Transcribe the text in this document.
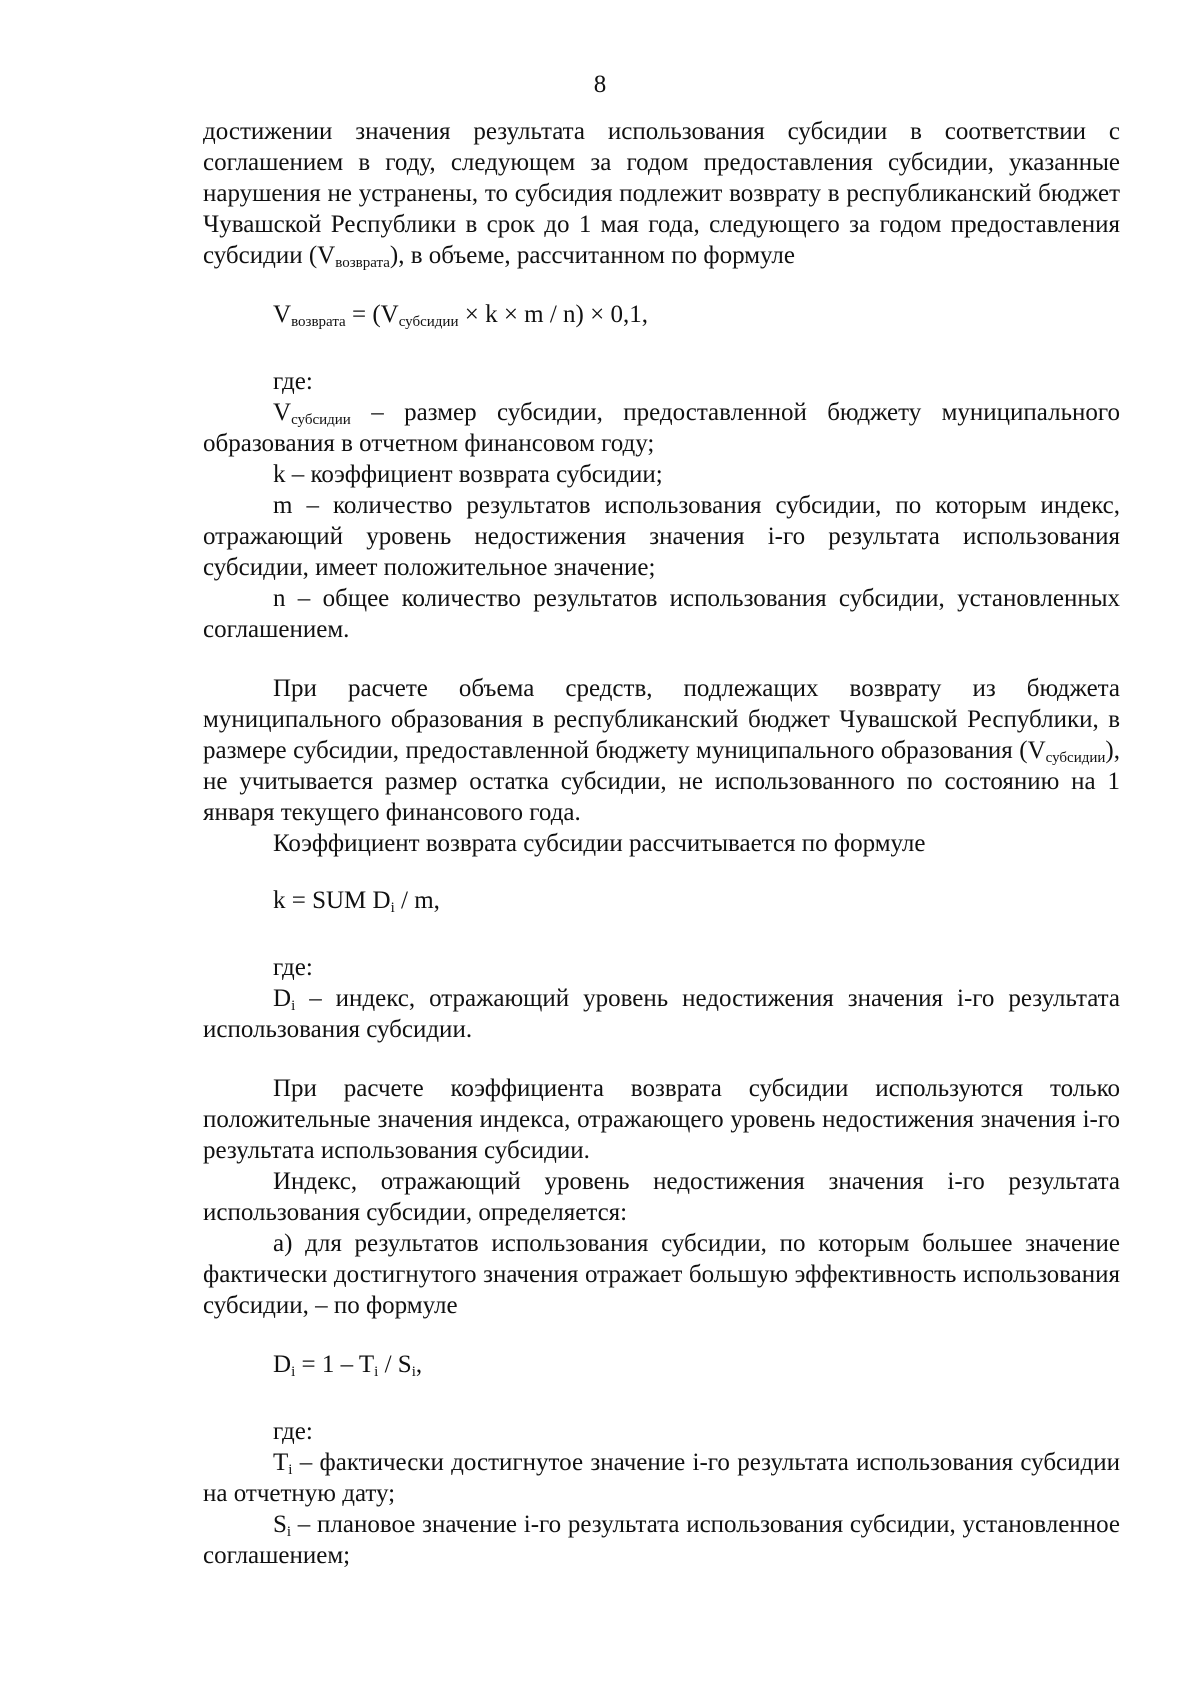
8

достижении значения результата использования субсидии в соответствии с соглашением в году, следующем за годом предоставления субсидии, указанные нарушения не устранены, то субсидия подлежит возврату в республиканский бюджет Чувашской Республики в срок до 1 мая года, следующего за годом предоставления субсидии $(V_{возврата})$, в объеме, рассчитанном по формуле

$V_{возврата} = (V_{субсидии} \times k \times m / n) \times 0,1$,
где:

$V_{субсидии}$ – размер субсидии, предоставленной бюджету муниципального образования в отчетном финансовом году;

k – коэффициент возврата субсидии;

m – количество результатов использования субсидии, по которым индекс, отражающий уровень недостижения значения i-го результата использования субсидии, имеет положительное значение;

n – общее количество результатов использования субсидии, установленных соглашением.

При расчете объема средств, подлежащих возврату из бюджета муниципального образования в республиканский бюджет Чувашской Республики, в размере субсидии, предоставленной бюджету муниципального образования $(V_{субсидии})$, не учитывается размер остатка субсидии, не использованного по состоянию на 1 января текущего финансового года.

Коэффициент возврата субсидии рассчитывается по формуле

k = SUM $D_i$ / m,
где:

$D_i$ – индекс, отражающий уровень недостижения значения i-го результата использования субсидии.

При расчете коэффициента возврата субсидии используются только положительные значения индекса, отражающего уровень недостижения значения i-го результата использования субсидии.

Индекс, отражающий уровень недостижения значения i-го результата использования субсидии, определяется:

а) для результатов использования субсидии, по которым большее значение фактически достигнутого значения отражает большую эффективность использования субсидии, – по формуле

$D_i = 1 - T_i / S_i$,
где:

$T_i$ – фактически достигнутое значение i-го результата использования субсидии на отчетную дату;

$S_i$ – плановое значение i-го результата использования субсидии, установленное соглашением;
